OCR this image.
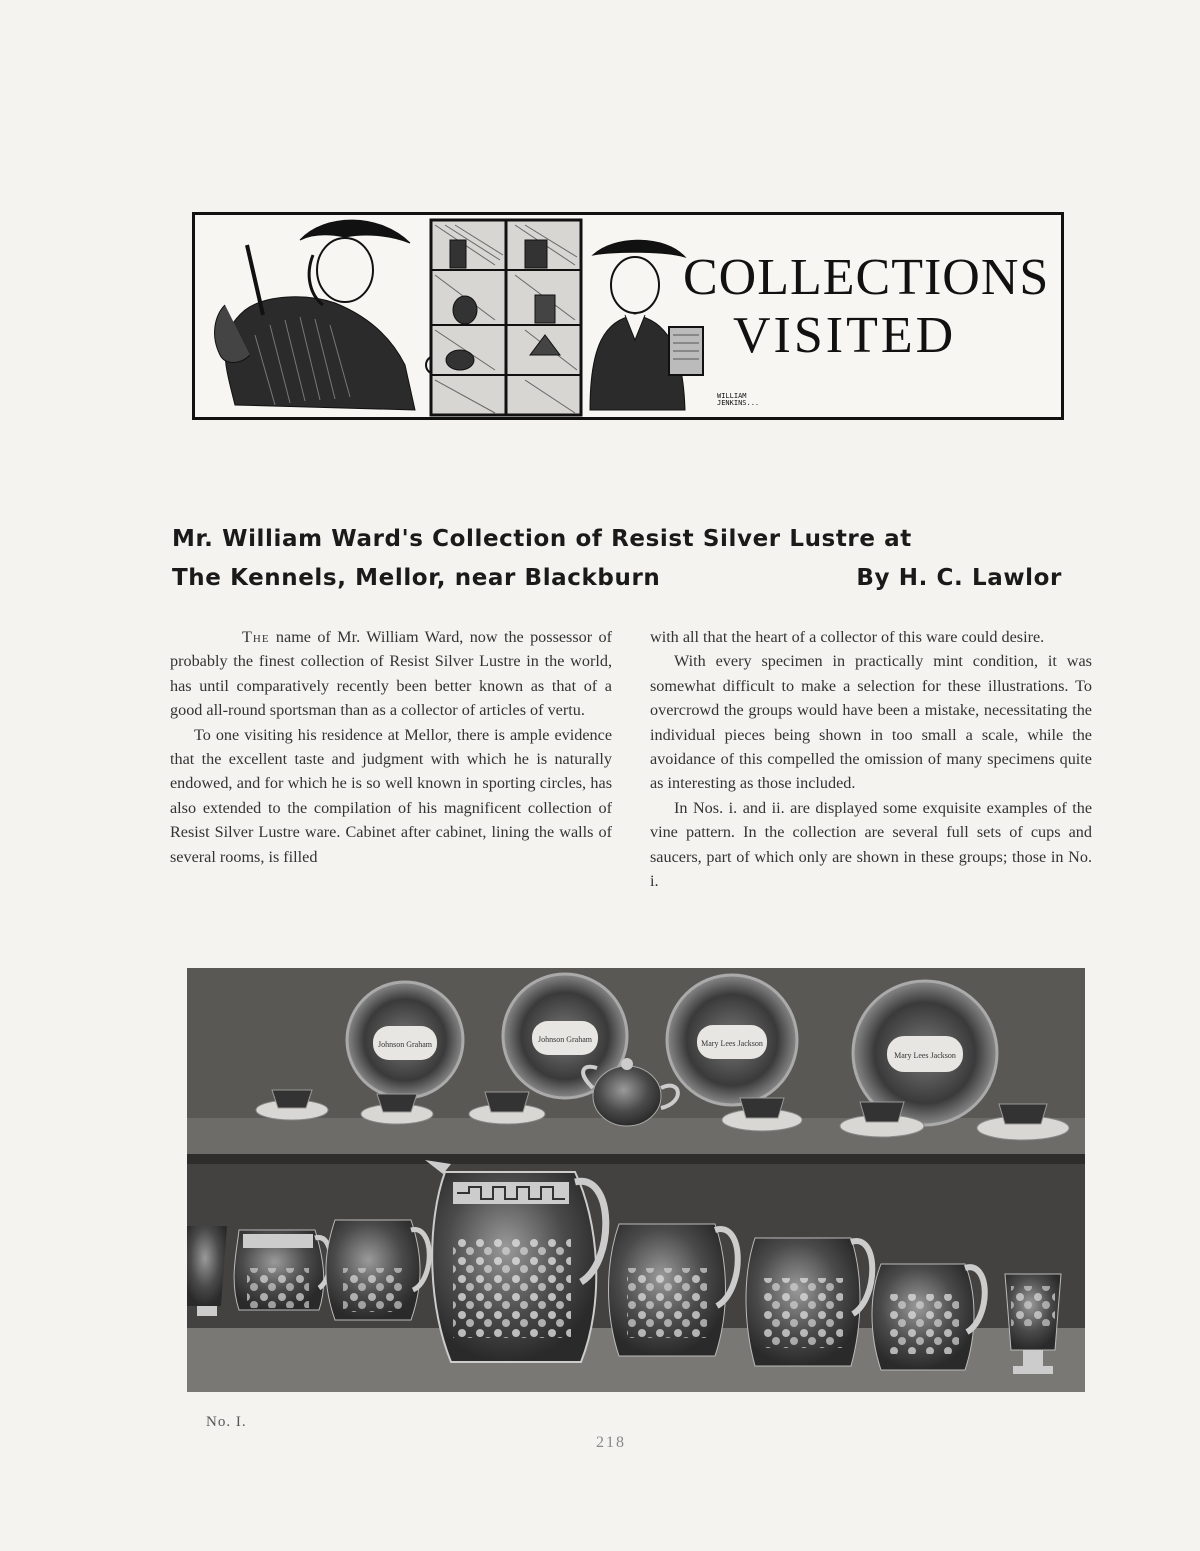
COLLECTIONS
VISITED
WILLIAM JENKINS...
Mr. William Ward's Collection of Resist Silver Lustre at
The Kennels, Mellor, near Blackburn	By H. C. Lawlor

The name of Mr. William Ward, now the possessor of probably the finest collection of Resist Silver Lustre in the world, has until comparatively recently been better known as that of a good all-round sportsman than as a collector of articles of vertu.

To one visiting his residence at Mellor, there is ample evidence that the excellent taste and judgment with which he is naturally endowed, and for which he is so well known in sporting circles, has also extended to the compilation of his magnificent collection of Resist Silver Lustre ware. Cabinet after cabinet, lining the walls of several rooms, is filled

with all that the heart of a collector of this ware could desire.

With every specimen in practically mint condition, it was somewhat difficult to make a selection for these illustrations. To overcrowd the groups would have been a mistake, necessitating the individual pieces being shown in too small a scale, while the avoidance of this compelled the omission of many specimens quite as interesting as those included.

In Nos. i. and ii. are displayed some exquisite examples of the vine pattern. In the collection are several full sets of cups and saucers, part of which only are shown in these groups; those in No. i.

Johnson Graham
Johnson Graham	Mary Lees Jackson
Mary Lees Jackson
No. I.
218
